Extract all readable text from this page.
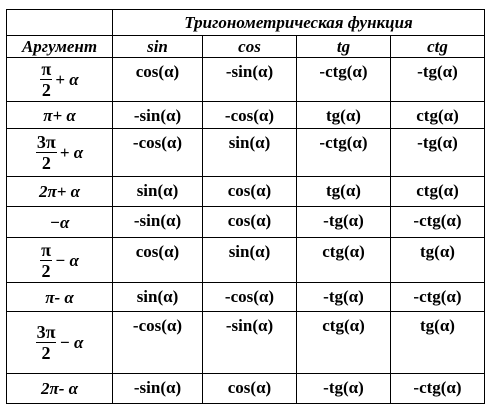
	Тригонометрическая функция			
Аргумент	sin	cos	tg	ctg

$\frac{\pi}{2} + \alpha$	cos(α)	-sin(α)	-ctg(α)	-tg(α)
π+ α	-sin(α)	-cos(α)	tg(α)	ctg(α)

$\frac{3\pi}{2} + \alpha$	-cos(α)	sin(α)	-ctg(α)	-tg(α)
2π+ α	sin(α)	cos(α)	tg(α)	ctg(α)
−α	-sin(α)	cos(α)	-tg(α)	-ctg(α)

$\frac{\pi}{2} - \alpha$	cos(α)	sin(α)	ctg(α)	tg(α)
π- α	sin(α)	-cos(α)	-tg(α)	-ctg(α)

$\frac{3\pi}{2} - \alpha$	-cos(α)	-sin(α)	ctg(α)	tg(α)
2π- α	-sin(α)	cos(α)	-tg(α)	-ctg(α)
